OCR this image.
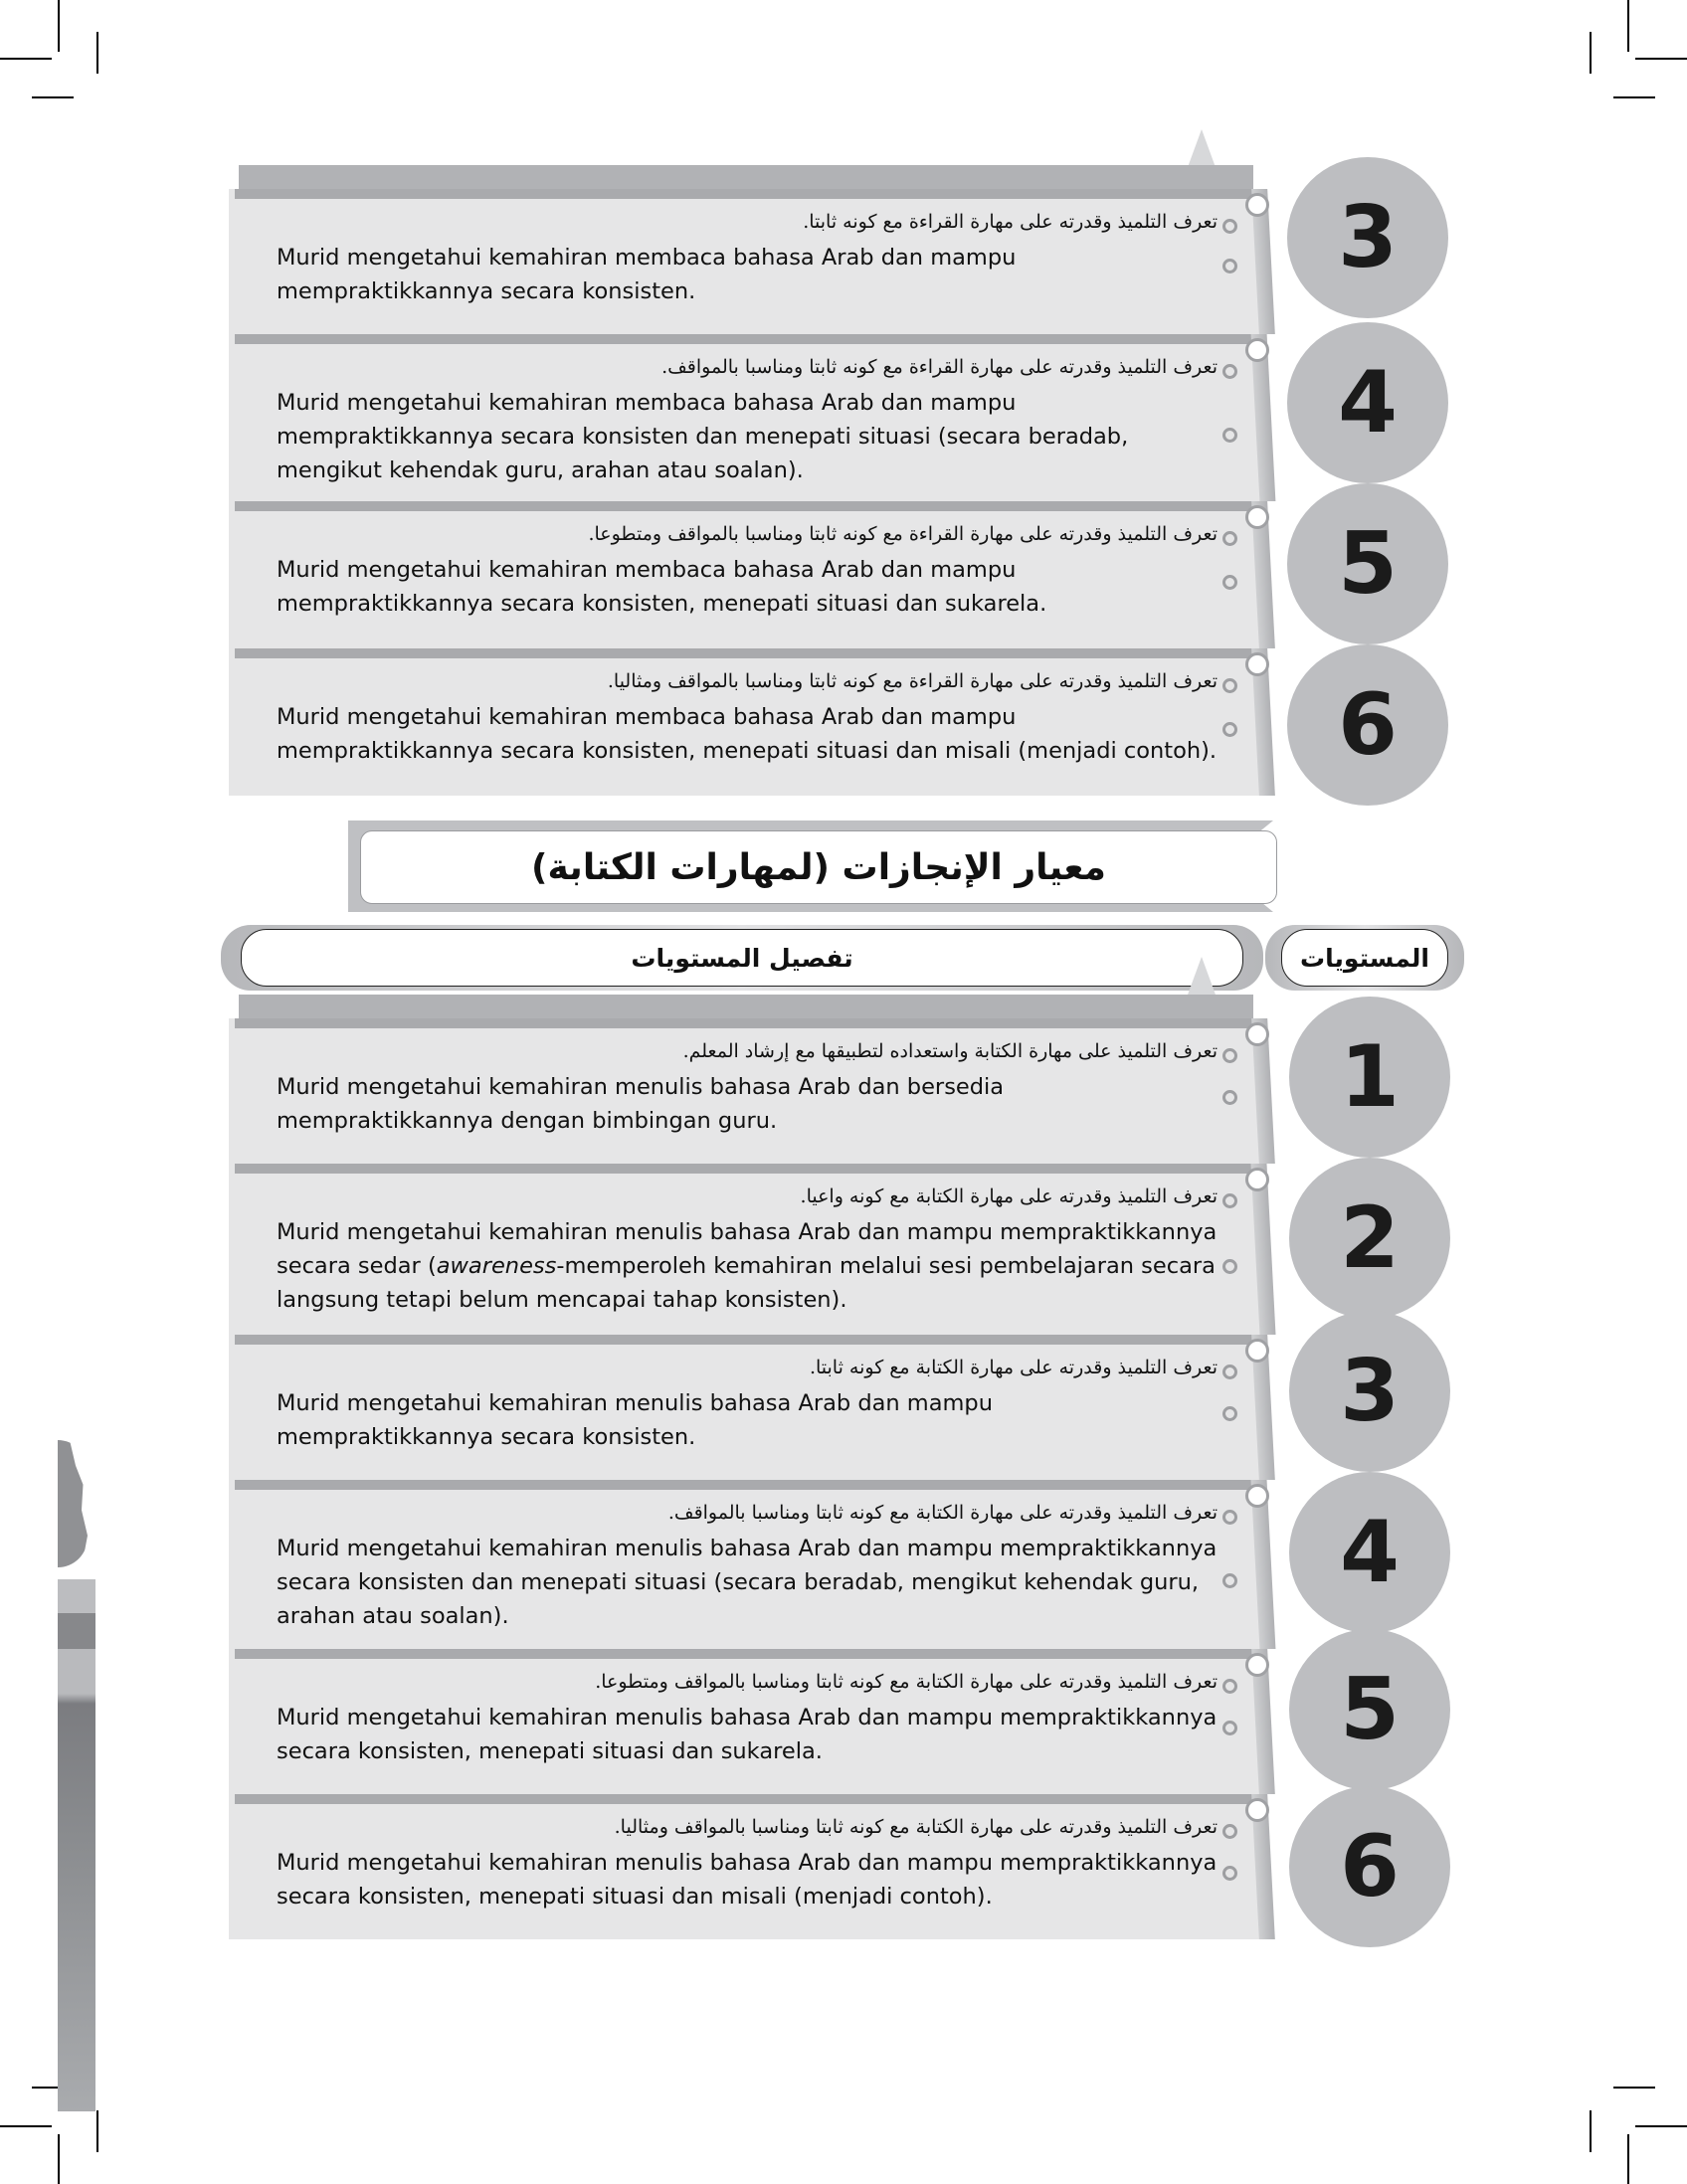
تعرف التلميذ وقدرته على مهارة القراءة مع كونه ثابتا.
Murid mengetahui kemahiran membaca bahasa Arab dan mampu mempraktikkannya secara konsisten.
تعرف التلميذ وقدرته على مهارة القراءة مع كونه ثابتا ومناسبا بالمواقف.
Murid mengetahui kemahiran membaca bahasa Arab dan mampu mempraktikkannya secara konsisten dan menepati situasi (secara beradab, mengikut kehendak guru, arahan atau soalan).
تعرف التلميذ وقدرته على مهارة القراءة مع كونه ثابتا ومناسبا بالمواقف ومتطوعا.
Murid mengetahui kemahiran membaca bahasa Arab dan mampu mempraktikkannya secara konsisten, menepati situasi dan sukarela.
تعرف التلميذ وقدرته على مهارة القراءة مع كونه ثابتا ومناسبا بالمواقف ومثاليا.
Murid mengetahui kemahiran membaca bahasa Arab dan mampu mempraktikkannya secara konsisten, menepati situasi dan misali (menjadi contoh).
3
4
5
6
معيار الإنجازات (لمهارات الكتابة)
تفصيل المستويات	المستويات
تعرف التلميذ على مهارة الكتابة واستعداده لتطبيقها مع إرشاد المعلم.
Murid mengetahui kemahiran menulis bahasa Arab dan bersedia mempraktikkannya dengan bimbingan guru.
تعرف التلميذ وقدرته على مهارة الكتابة مع كونه واعيا.
Murid mengetahui kemahiran menulis bahasa Arab dan mampu mempraktikkannya secara sedar (awareness-memperoleh kemahiran melalui sesi pembelajaran secara langsung tetapi belum mencapai tahap konsisten).
تعرف التلميذ وقدرته على مهارة الكتابة مع كونه ثابتا.
Murid mengetahui kemahiran menulis bahasa Arab dan mampu mempraktikkannya secara konsisten.
تعرف التلميذ وقدرته على مهارة الكتابة مع كونه ثابتا ومناسبا بالمواقف.
Murid mengetahui kemahiran menulis bahasa Arab dan mampu mempraktikkannya secara konsisten dan menepati situasi (secara beradab, mengikut kehendak guru, arahan atau soalan).
تعرف التلميذ وقدرته على مهارة الكتابة مع كونه ثابتا ومناسبا بالمواقف ومتطوعا.
Murid mengetahui kemahiran menulis bahasa Arab dan mampu mempraktikkannya secara konsisten, menepati situasi dan sukarela.
تعرف التلميذ وقدرته على مهارة الكتابة مع كونه ثابتا ومناسبا بالمواقف ومثاليا.
Murid mengetahui kemahiran menulis bahasa Arab dan mampu mempraktikkannya secara konsisten, menepati situasi dan misali (menjadi contoh).
1
2
3
4
5
6
